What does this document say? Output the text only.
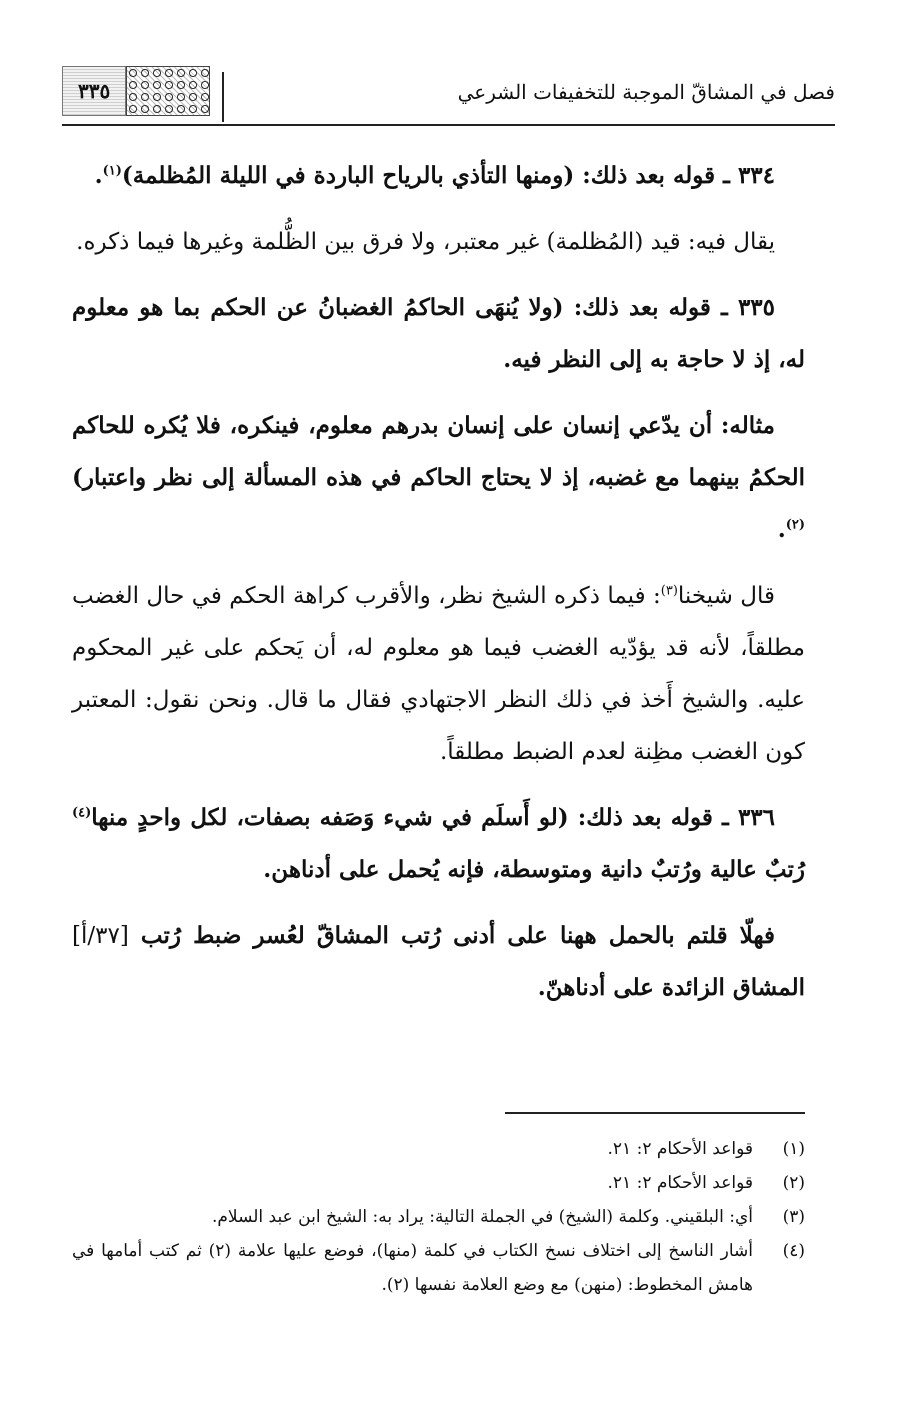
فصل في المشاقّ الموجبة للتخفيفات الشرعي
٣٣٥

٣٣٤ ـ قوله بعد ذلك: (ومنها التأذي بالرياح الباردة في الليلة المُظلمة)$^{(١)}$.

يقال فيه: قيد (المُظلمة) غير معتبر، ولا فرق بين الظُّلمة وغيرها فيما ذكره.

٣٣٥ ـ قوله بعد ذلك: (ولا يُنهَى الحاكمُ الغضبانُ عن الحكم بما هو معلوم له، إذ لا حاجة به إلى النظر فيه.

مثاله: أن يدّعي إنسان على إنسان بدرهم معلوم، فينكره، فلا يُكره للحاكم الحكمُ بينهما مع غضبه، إذ لا يحتاج الحاكم في هذه المسألة إلى نظر واعتبار)$^{(٢)}$.

قال شيخنا$^{(٣)}$: فيما ذكره الشيخ نظر، والأقرب كراهة الحكم في حال الغضب مطلقاً، لأنه قد يؤدّيه الغضب فيما هو معلوم له، أن يَحكم على غير المحكوم عليه. والشيخ أَخذ في ذلك النظر الاجتهادي فقال ما قال. ونحن نقول: المعتبر كون الغضب مظِنة لعدم الضبط مطلقاً.

٣٣٦ ـ قوله بعد ذلك: (لو أَسلَم في شيء وَصَفه بصفات، لكل واحدٍ منها$^{(٤)}$ رُتبٌ عالية ورُتبٌ دانية ومتوسطة، فإنه يُحمل على أدناهن.

فهلّا قلتم بالحمل ههنا على أدنى رُتب المشاقّ لعُسر ضبط رُتب [٣٧/أ] المشاق الزائدة على أدناهنّ.

(١)
قواعد الأحكام ٢: ٢١.
(٢)
قواعد الأحكام ٢: ٢١.
(٣)
أي: البلقيني. وكلمة (الشيخ) في الجملة التالية: يراد به: الشيخ ابن عبد السلام.
(٤)
أشار الناسخ إلى اختلاف نسخ الكتاب في كلمة (منها)، فوضع عليها علامة (٢) ثم كتب أمامها في هامش المخطوط: (منهن) مع وضع العلامة نفسها (٢).
